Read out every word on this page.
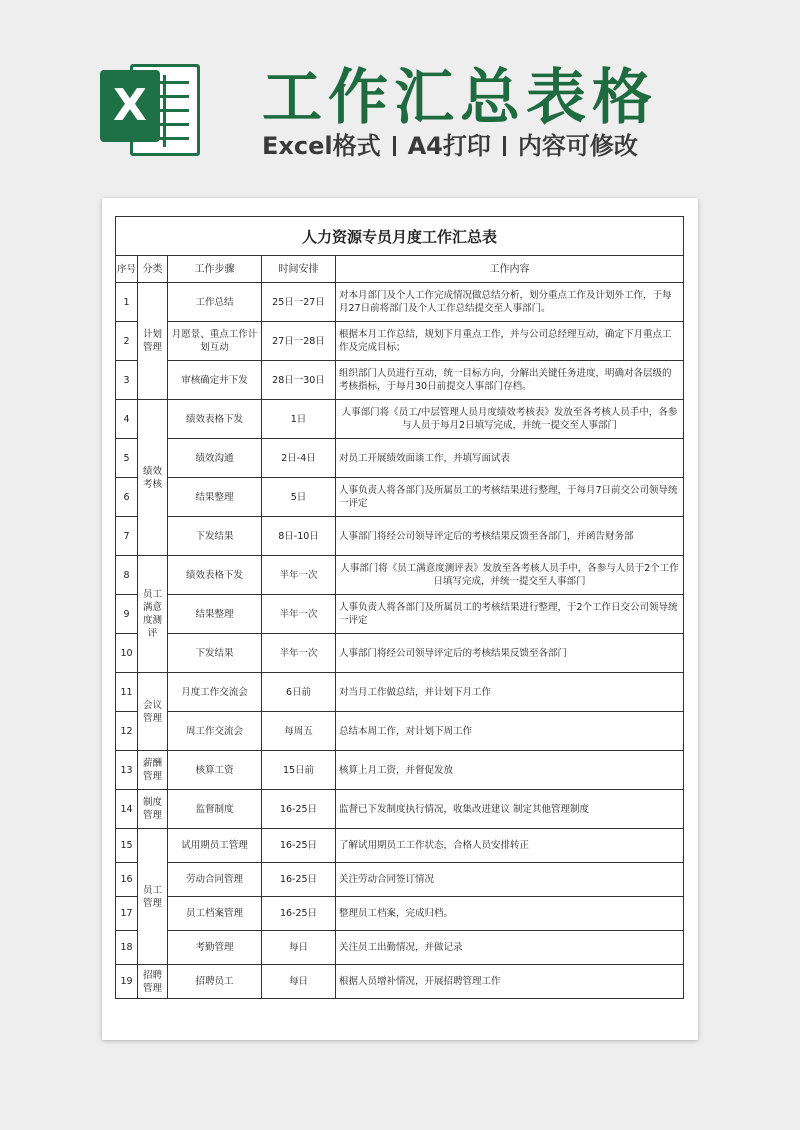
X 工作汇总表格
Excel格式 A4打印 内容可修改
人力资源专员月度工作汇总表				
序号	分类	工作步骤	时间安排	工作内容
1	计划管理	工作总结	25日一27日	对本月部门及个人工作完成情况做总结分析，划分重点工作及计划外工作，于每月27日前将部门及个人工作总结提交至人事部门。
2		月愿景、重点工作计划互动	27日一28日	根据本月工作总结，规划下月重点工作，并与公司总经理互动，确定下月重点工作及完成目标；
3		审核确定并下发	28日一30日	组织部门人员进行互动，统一目标方向，分解出关键任务进度，明确对各层级的考核指标，于每月30日前提交人事部门存档。
4	绩效考核	绩效表格下发	1日	人事部门将《员工/中层管理人员月度绩效考核表》发放至各考核人员手中，各参与人员于每月2日填写完成，并统一提交至人事部门
5		绩效沟通	2日-4日	对员工开展绩效面谈工作，并填写面试表
6		结果整理	5日	人事负责人将各部门及所属员工的考核结果进行整理，于每月7日前交公司领导统一评定
7		下发结果	8日-10日	人事部门将经公司领导评定后的考核结果反馈至各部门，并函告财务部
8	员工满意度测评	绩效表格下发	半年一次	人事部门将《员工满意度测评表》发放至各考核人员手中，各参与人员于2个工作日填写完成，并统一提交至人事部门
9		结果整理	半年一次	人事负责人将各部门及所属员工的考核结果进行整理，于2个工作日交公司领导统一评定
10		下发结果	半年一次	人事部门将经公司领导评定后的考核结果反馈至各部门
11	会议管理	月度工作交流会	6日前	对当月工作做总结，并计划下月工作
12		周工作交流会	每周五	总结本周工作，对计划下周工作
13	薪酬管理	核算工资	15日前	核算上月工资，并督促发放
14	制度管理	监督制度	16-25日	监督已下发制度执行情况，收集改进建议 制定其他管理制度
15	员工管理	试用期员工管理	16-25日	了解试用期员工工作状态，合格人员安排转正
16		劳动合同管理	16-25日	关注劳动合同签订情况
17		员工档案管理	16-25日	整理员工档案，完成归档。
18		考勤管理	每日	关注员工出勤情况，并做记录
19	招聘管理	招聘员工	每日	根据人员增补情况，开展招聘管理工作
